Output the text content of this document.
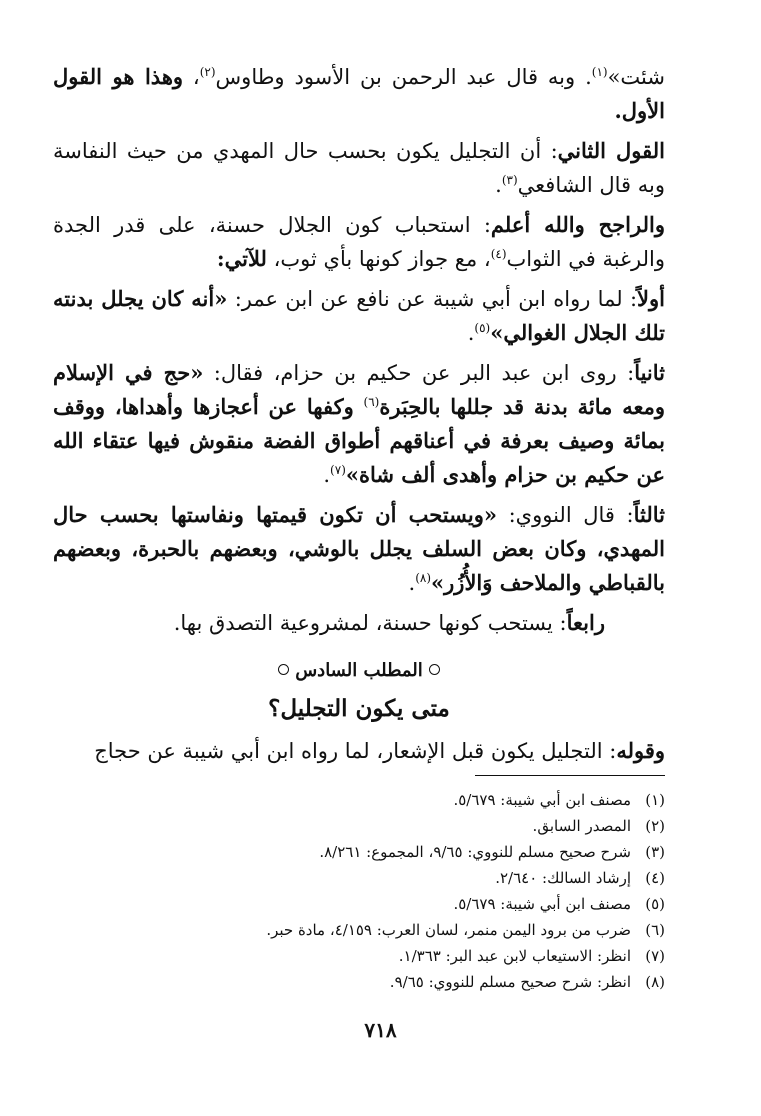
شئت»$^{(١)}$. وبه قال عبد الرحمن بن الأسود وطاوس$^{(٢)}$، وهذا هو القول الأول.

القول الثاني: أن التجليل يكون بحسب حال المهدي من حيث النفاسة وبه قال الشافعي$^{(٣)}$.

والراجح والله أعلم: استحباب كون الجلال حسنة، على قدر الجدة والرغبة في الثواب$^{(٤)}$، مع جواز كونها بأي ثوب، للآتي:

أولاً: لما رواه ابن أبي شيبة عن نافع عن ابن عمر: «أنه كان يجلل بدنته تلك الجلال الغوالي»$^{(٥)}$.

ثانياً: روى ابن عبد البر عن حكيم بن حزام، فقال: «حج في الإسلام ومعه مائة بدنة قد جللها بالحِبَرة$^{(٦)}$ وكفها عن أعجازها وأهداها، ووقف بمائة وصيف بعرفة في أعناقهم أطواق الفضة منقوش فيها عتقاء الله عن حكيم بن حزام وأهدى ألف شاة»$^{(٧)}$.

ثالثاً: قال النووي: «ويستحب أن تكون قيمتها ونفاستها بحسب حال المهدي، وكان بعض السلف يجلل بالوشي، وبعضهم بالحبرة، وبعضهم بالقباطي والملاحف وَالأُزُر»$^{(٨)}$.

رابعاً: يستحب كونها حسنة، لمشروعية التصدق بها.

المطلب السادس
متى يكون التجليل؟

وقوله: التجليل يكون قبل الإشعار، لما رواه ابن أبي شيبة عن حجاج

(١)
مصنف ابن أبي شيبة: ٥/٦٧٩.
(٢)
المصدر السابق.
(٣)
شرح صحيح مسلم للنووي: ٩/٦٥، المجموع: ٨/٢٦١.
(٤)
إرشاد السالك: ٢/٦٤٠.
(٥)
مصنف ابن أبي شيبة: ٥/٦٧٩.
(٦)
ضرب من برود اليمن منمر، لسان العرب: ٤/١٥٩، مادة حبر.
(٧)
انظر: الاستيعاب لابن عبد البر: ١/٣٦٣.
(٨)
انظر: شرح صحيح مسلم للنووي: ٩/٦٥.
٧١٨
